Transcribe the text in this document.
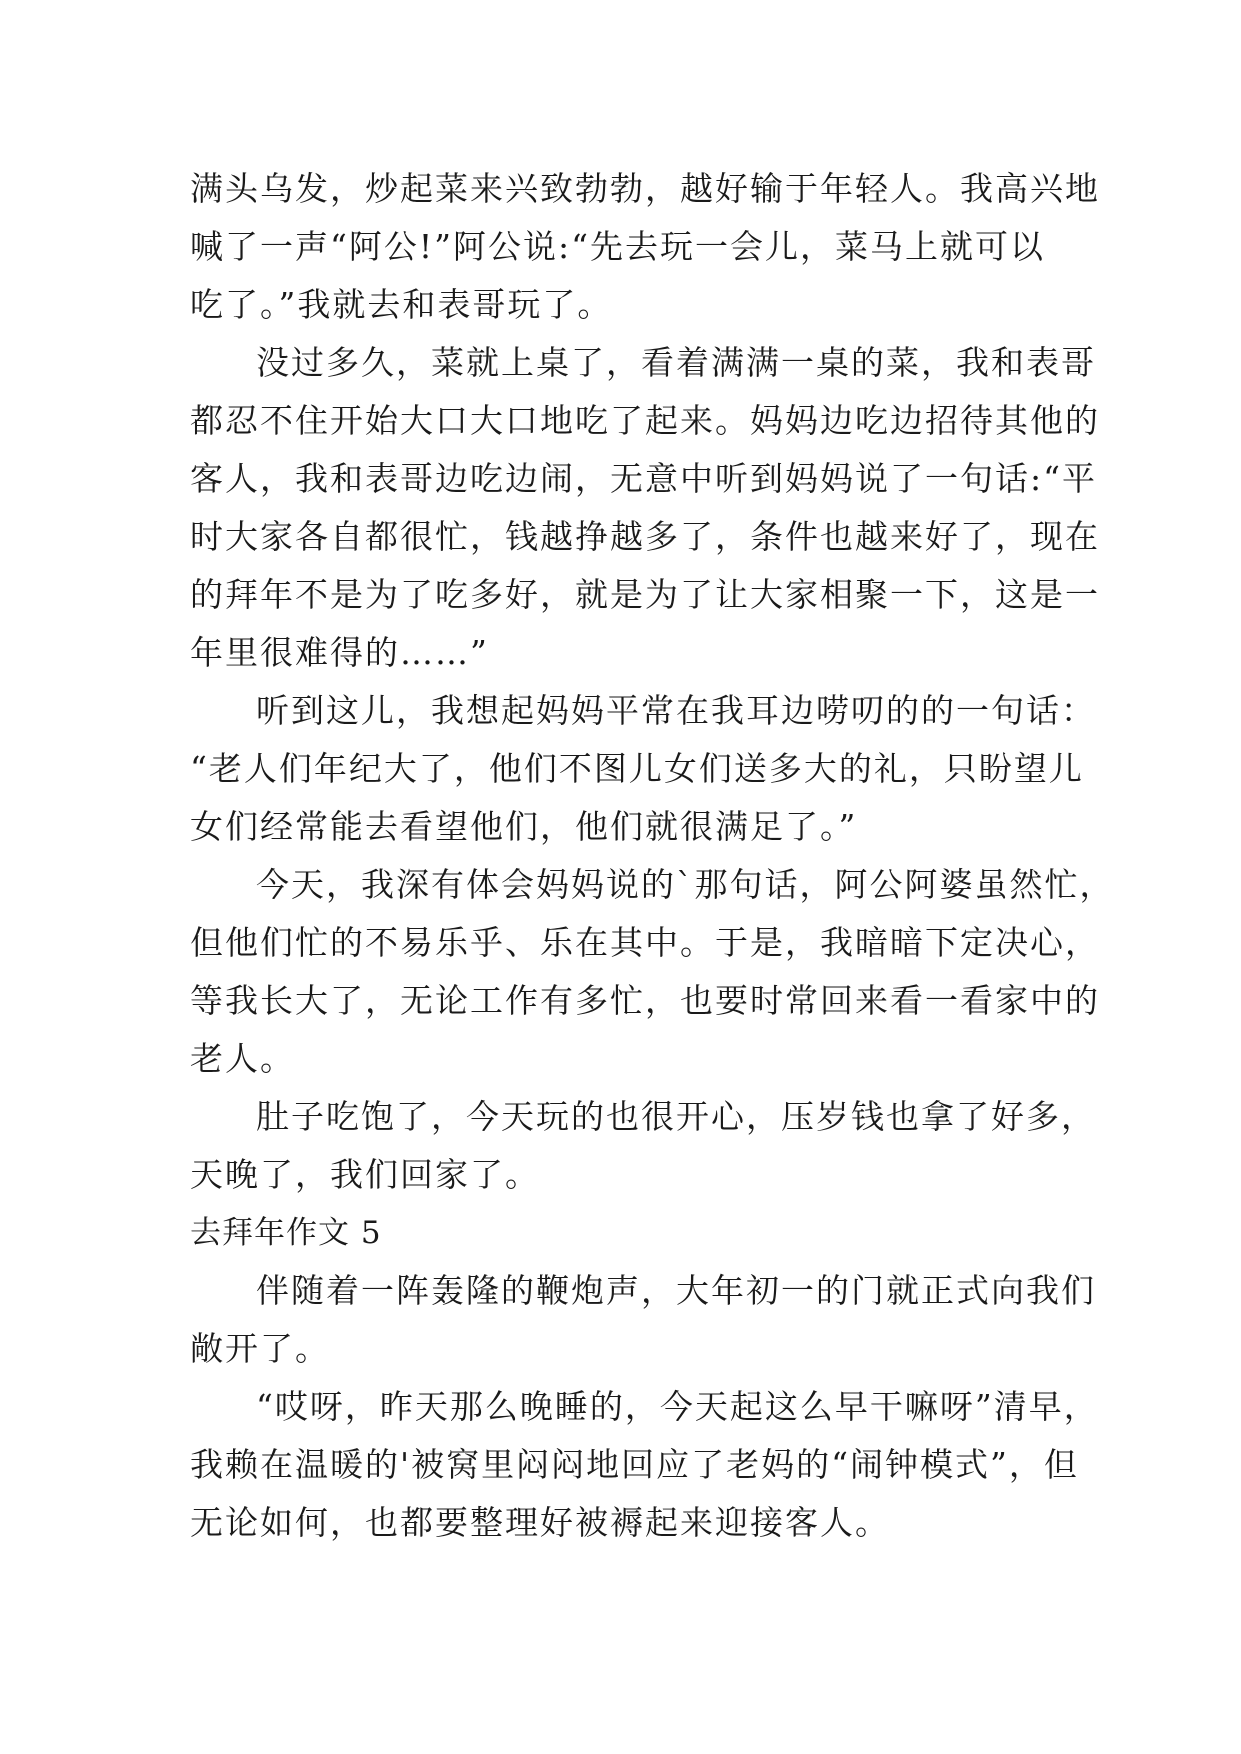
满头乌发，炒起菜来兴致勃勃，越好输于年轻人。我高兴地
喊了一声“阿公!”阿公说:“先去玩一会儿，菜马上就可以
吃了。”我就去和表哥玩了。

没过多久，菜就上桌了，看着满满一桌的菜，我和表哥
都忍不住开始大口大口地吃了起来。妈妈边吃边招待其他的
客人，我和表哥边吃边闹，无意中听到妈妈说了一句话:“平
时大家各自都很忙，钱越挣越多了，条件也越来好了，现在
的拜年不是为了吃多好，就是为了让大家相聚一下，这是一
年里很难得的……”

听到这儿，我想起妈妈平常在我耳边唠叨的的一句话：
“老人们年纪大了，他们不图儿女们送多大的礼，只盼望儿
女们经常能去看望他们，他们就很满足了。”

今天，我深有体会妈妈说的`那句话，阿公阿婆虽然忙，
但他们忙的不易乐乎、乐在其中。于是，我暗暗下定决心，
等我长大了，无论工作有多忙，也要时常回来看一看家中的
老人。

肚子吃饱了，今天玩的也很开心，压岁钱也拿了好多，
天晚了，我们回家了。

去拜年作文 5

伴随着一阵轰隆的鞭炮声，大年初一的门就正式向我们
敞开了。

“哎呀，昨天那么晚睡的，今天起这么早干嘛呀”清早，
我赖在温暖的'被窝里闷闷地回应了老妈的“闹钟模式”，但
无论如何，也都要整理好被褥起来迎接客人。
